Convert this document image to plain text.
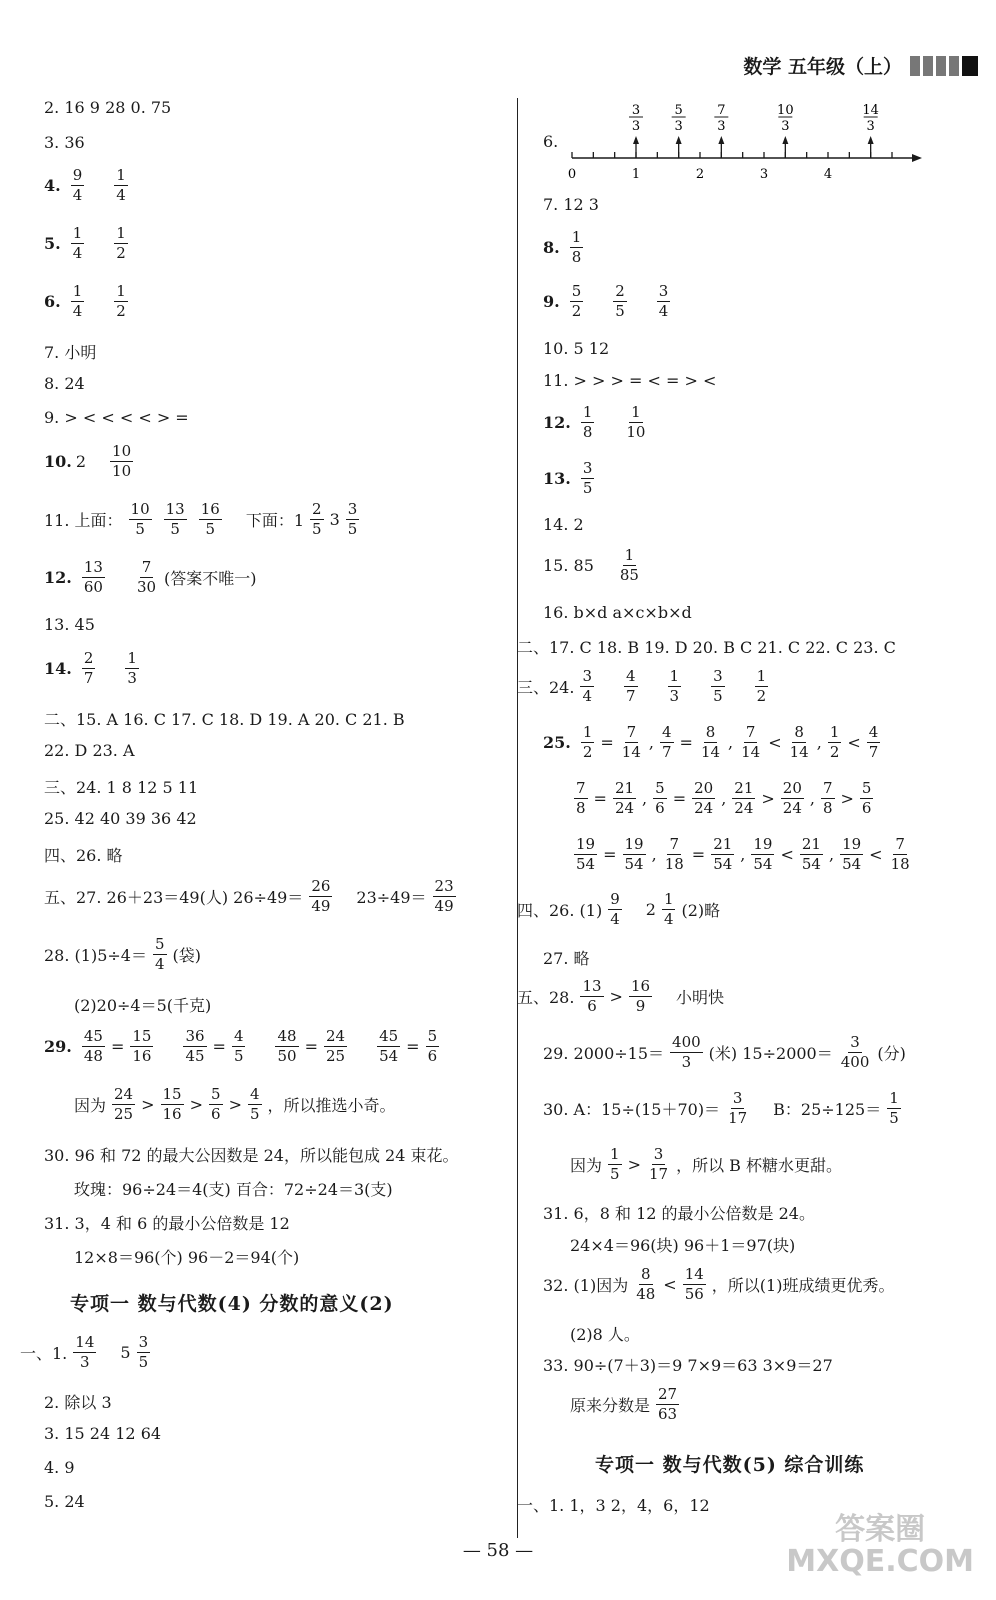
数学 五年级（上）
2. 16 9 28 0. 75
3. 36
4. $\frac{9}{4} \frac{1}{4}$
5. $\frac{1}{4} \frac{1}{2}$
6. $\frac{1}{4} \frac{1}{2}$
7. 小明
8. 24
9. > < < < < > =
10. $2 \frac{10}{10}$
11. 上面： $\frac{10}{5} \frac{13}{5} \frac{16}{5}$ 下面：$1 \frac{2}{5} 3 \frac{3}{5}$
12. $\frac{13}{60} \frac{7}{30}$ (答案不唯一)
13. 45
14. $\frac{2}{7} \frac{1}{3}$
二、15. A 16. C 17. C 18. D 19. A 20. C 21. B
22. D 23. A
三、24. 1 8 12 5 11
25. 42 40 39 36 42
四、26. 略
五、27. 26＋23＝49(人) $26\div 49= \frac{26}{49} 23\div 49= \frac{23}{49}$
28. $(1)5\div 4= \frac{5}{4}$ (袋)
(2)20÷4＝5(千克)
29. $\frac{45}{48} = \frac{15}{16} \frac{36}{45} = \frac{4}{5} \frac{48}{50} = \frac{24}{25} \frac{45}{54} = \frac{5}{6}$
因为 $\frac{24}{25} > \frac{15}{16} > \frac{5}{6} > \frac{4}{5}$ ，所以推选小奇。
30. 96 和 72 的最大公因数是 24，所以能包成 24 束花。
玫瑰：96÷24＝4(支) 百合：72÷24＝3(支)
31. 3，4 和 6 的最小公倍数是 12
12×8＝96(个) 96－2＝94(个)
专项一 数与代数(4) 分数的意义(2)
一、1. $\frac{14}{3} 5 \frac{3}{5}$
2. 除以 3
3. 15 24 12 64
4. 9
5. 24
6.
0	1	2	3	4
3
3
5
3
7
3
10
3
14
3
7. 12 3
8. $\frac{1}{8}$
9. $\frac{5}{2} \frac{2}{5} \frac{3}{4}$
10. 5 12
11. > > > = < = > <
12. $\frac{1}{8} \frac{1}{10}$
13. $\frac{3}{5}$
14. 2
15. $85 \frac{1}{85}$
16. b×d a×c×b×d
二、17. C 18. B 19. D 20. B C 21. C 22. C 23. C
三、24. $\frac{3}{4} \frac{4}{7} \frac{1}{3} \frac{3}{5} \frac{1}{2}$
25. $\frac{1}{2} = \frac{7}{14}$ , $\frac{4}{7} = \frac{8}{14}$ , $\frac{7}{14} < \frac{8}{14}$ , $\frac{1}{2} < \frac{4}{7}$
$\frac{7}{8} = \frac{21}{24}$ , $\frac{5}{6} = \frac{20}{24}$ , $\frac{21}{24} > \frac{20}{24}$ , $\frac{7}{8} > \frac{5}{6}$
$\frac{19}{54} = \frac{19}{54}$ , $\frac{7}{18} = \frac{21}{54}$ , $\frac{19}{54} < \frac{21}{54}$ , $\frac{19}{54} < \frac{7}{18}$
四、26. $(1) \frac{9}{4} 2 \frac{1}{4} (2)$略
27. 略
五、28. $\frac{13}{6} > \frac{16}{9}$ 小明快
29. $2000\div 15= \frac{400}{3}$ (米) $15\div 2000= \frac{3}{400}$ (分)
30. A：$15\div(15+70)= \frac{3}{17}$ B：$25\div 125= \frac{1}{5}$
因为 $\frac{1}{5} > \frac{3}{17}$ ，所以 B 杯糖水更甜。
31. 6，8 和 12 的最小公倍数是 24。
24×4＝96(块) 96＋1＝97(块)
32. (1)因为 $\frac{8}{48} < \frac{14}{56}$ ，所以(1)班成绩更优秀。
(2)8 人。
33. 90÷(7＋3)＝9 7×9＝63 3×9＝27
原来分数是 $\frac{27}{63}$
专项一 数与代数(5) 综合训练
一、1. 1，3 2，4，6，12
— 58 —
答案圈
MXQE.COM
